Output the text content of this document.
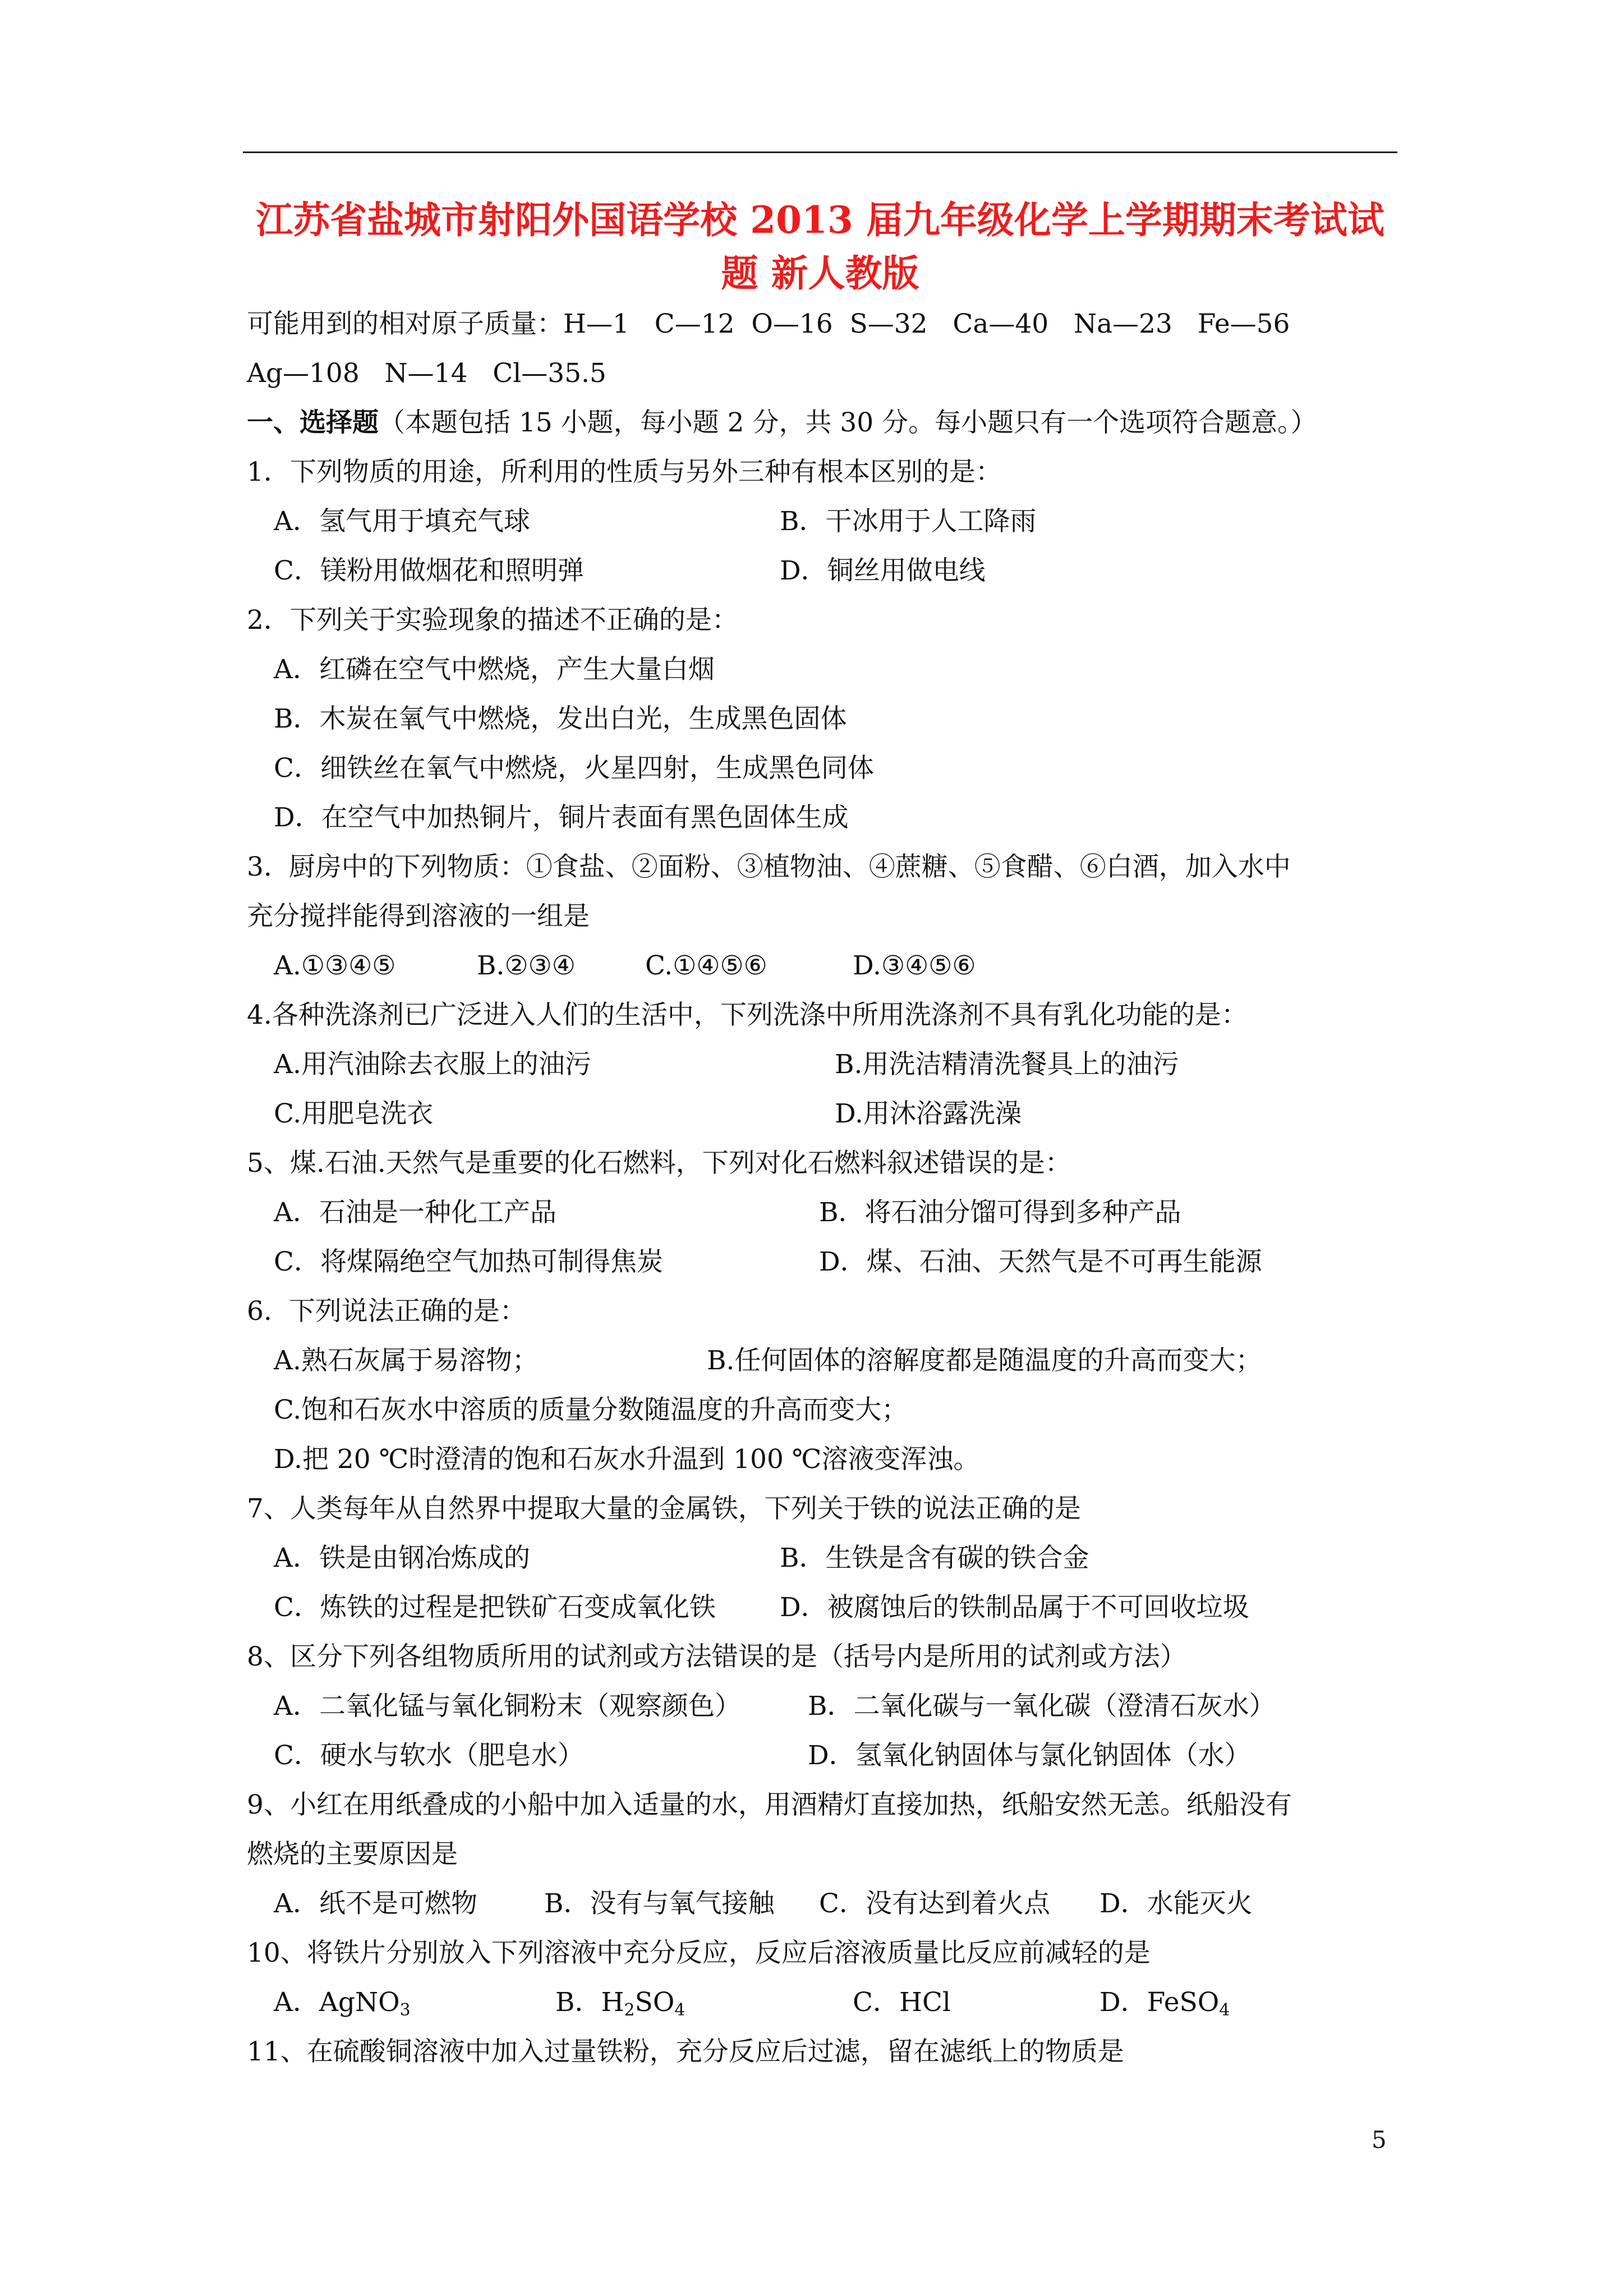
江苏省盐城市射阳外国语学校 2013 届九年级化学上学期期末考试试
题 新人教版
可能用到的相对原子质量：H—1   C—12  O—16  S—32   Ca—40   Na—23   Fe—56
Ag—108   N—14   Cl—35.5
一、选择题（本题包括 15 小题，每小题 2 分，共 30 分。每小题只有一个选项符合题意。）
1．下列物质的用途，所利用的性质与另外三种有根本区别的是：
A．氢气用于填充气球	B．干冰用于人工降雨
C．镁粉用做烟花和照明弹	D．铜丝用做电线
2．下列关于实验现象的描述不正确的是：
A．红磷在空气中燃烧，产生大量白烟
B．木炭在氧气中燃烧，发出白光，生成黑色固体
C．细铁丝在氧气中燃烧，火星四射，生成黑色同体
D．在空气中加热铜片，铜片表面有黑色固体生成
3.  厨房中的下列物质：①食盐、②面粉、③植物油、④蔗糖、⑤食醋、⑥白酒，加入水中
充分搅拌能得到溶液的一组是
A.①③④⑤	B.②③④	C.①④⑤⑥	D.③④⑤⑥
4.各种洗涤剂已广泛进入人们的生活中，下列洗涤中所用洗涤剂不具有乳化功能的是：
A.用汽油除去衣服上的油污	B.用洗洁精清洗餐具上的油污
C.用肥皂洗衣	D.用沐浴露洗澡
5、煤.石油.天然气是重要的化石燃料，下列对化石燃料叙述错误的是：
A．石油是一种化工产品	B．将石油分馏可得到多种产品
C．将煤隔绝空气加热可制得焦炭	D．煤、石油、天然气是不可再生能源
6.  下列说法正确的是：
A.熟石灰属于易溶物；	B.任何固体的溶解度都是随温度的升高而变大；
C.饱和石灰水中溶质的质量分数随温度的升高而变大；
D.把 20 ℃时澄清的饱和石灰水升温到 100 ℃溶液变浑浊。
7、人类每年从自然界中提取大量的金属铁，下列关于铁的说法正确的是
A．铁是由钢冶炼成的	B．生铁是含有碳的铁合金
C．炼铁的过程是把铁矿石变成氧化铁 D．被腐蚀后的铁制品属于不可回收垃圾
8、区分下列各组物质所用的试剂或方法错误的是（括号内是所用的试剂或方法）
A．二氧化锰与氧化铜粉末（观察颜色）	B．二氧化碳与一氧化碳（澄清石灰水）
C．硬水与软水（肥皂水）	D．氢氧化钠固体与氯化钠固体（水）
9、小红在用纸叠成的小船中加入适量的水，用酒精灯直接加热，纸船安然无恙。纸船没有
燃烧的主要原因是
A．纸不是可燃物	B．没有与氧气接触 C．没有达到着火点 D．水能灭火
10、将铁片分别放入下列溶液中充分反应，反应后溶液质量比反应前减轻的是
A．AgNO$_3$	B．$H_2SO_4$	C．HCl	D．FeSO$_4$
11、在硫酸铜溶液中加入过量铁粉，充分反应后过滤，留在滤纸上的物质是
5
